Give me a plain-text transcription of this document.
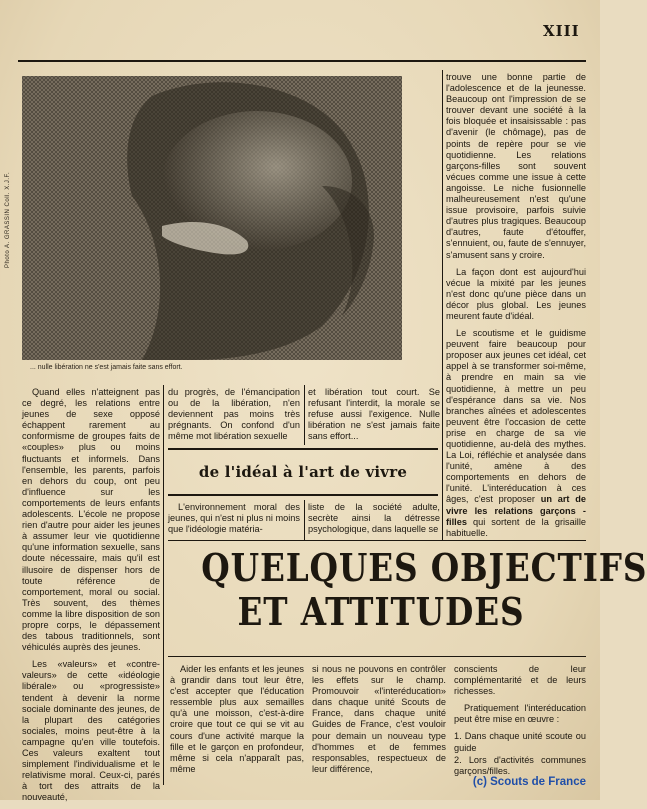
XIII
Photo A. GRASSIN Coll. X.J.F.
... nulle libération ne s'est jamais faite sans effort.

trouve une bonne partie de l'adolescence et de la jeunesse. Beaucoup ont l'impression de se trouver devant une société à la fois bloquée et insaisissable : pas d'avenir (le chômage), pas de points de repère pour se vie quotidienne. Les relations garçons-filles sont souvent vécues comme une issue à cette angoisse. Le niche fusionnelle malheureusement n'est qu'une issue provisoire, parfois suivie d'autres plus tragiques. Beaucoup d'autres, faute d'étouffer, s'ennuient, ou, faute de s'ennuyer, s'amusent sans y croire.

La façon dont est aujourd'hui vécue la mixité par les jeunes n'est donc qu'une pièce dans un décor plus global. Les jeunes meurent faute d'idéal.

Le scoutisme et le guidisme peuvent faire beaucoup pour proposer aux jeunes cet idéal, cet appel à se transformer soi-même, à prendre en main sa vie quotidienne, à mettre un peu d'espérance dans sa vie. Nos branches aînées et adolescentes peuvent être l'occasion de cette prise en charge de sa vie quotidienne, au-delà des mythes. La Loi, réfléchie et analysée dans l'unité, amène à des comportements en dehors de l'unité. L'interéducation à ces âges, c'est proposer un art de vivre les relations garçons - filles qui sortent de la grisaille habituelle.

Quand elles n'atteignent pas ce degré, les relations entre jeunes de sexe opposé échappent rarement au conformisme de groupes faits de «couples» plus ou moins fluctuants et informels. Dans l'ensemble, les parents, parfois en dehors du coup, ont peu d'influence sur les comportements de leurs enfants adolescents. L'école ne propose rien d'autre pour aider les jeunes à assumer leur vie quotidienne qu'une information sexuelle, sans doute nécessaire, mais qu'il est illusoire de dispenser hors de toute référence de comportement, moral ou social. Très souvent, des thèmes comme la libre disposition de son propre corps, le dépassement des tabous traditionnels, sont véhiculés auprès des jeunes.

Les «valeurs» et «contre-valeurs» de cette «idéologie libérale» ou «progressiste» tendent à devenir la norme sociale dominante des jeunes, de la plupart des catégories sociales, moins peut-être à la campagne qu'en ville toutefois. Ces valeurs exaltent tout simplement l'individualisme et le relativisme moral. Ceux-ci, parés à tort des attraits de la nouveauté,

du progrès, de l'émancipation ou de la libération, n'en deviennent pas moins très prégnants. On confond d'un même mot libération sexuelle

et libération tout court. Se refusant l'interdit, la morale se refuse aussi l'exigence. Nulle libération ne s'est jamais faite sans effort...

de l'idéal à l'art de vivre

L'environnement moral des jeunes, qui n'est ni plus ni moins que l'idéologie matéria-

liste de la société adulte, secrète ainsi la détresse psychologique, dans laquelle se

QUELQUES OBJECTIFS
ET ATTITUDES

Aider les enfants et les jeunes à grandir dans tout leur être, c'est accepter que l'éducation ressemble plus aux semailles qu'à une moisson, c'est-à-dire croire que tout ce qui se vit au cours d'une activité marque la fille et le garçon en profondeur, même si cela n'apparaît pas, même

si nous ne pouvons en contrôler les effets sur le champ. Promouvoir «l'interéducation» dans chaque unité Scouts de France, dans chaque unité Guides de France, c'est vouloir pour demain un nouveau type d'hommes et de femmes responsables, respectueux de leur différence,

conscients de leur complémentarité et de leurs richesses.

Pratiquement l'interéducation peut être mise en œuvre :

1. Dans chaque unité scoute ou guide

2. Lors d'activités communes garçons/filles.

(c) Scouts de France
